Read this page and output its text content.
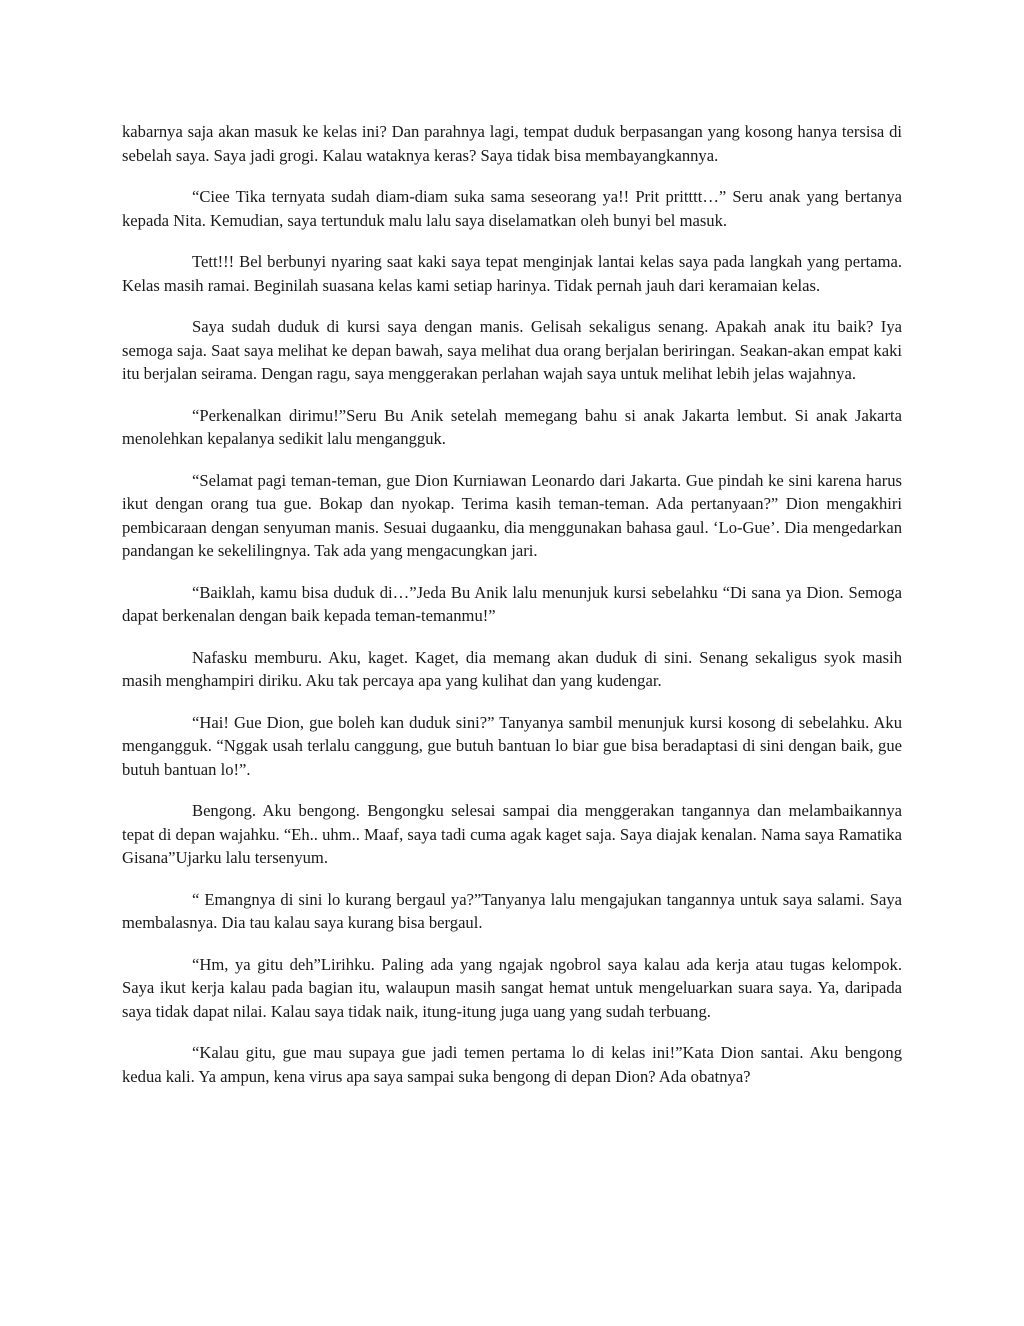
kabarnya saja akan masuk ke kelas ini? Dan parahnya lagi, tempat duduk berpasangan yang kosong hanya tersisa di sebelah saya. Saya jadi grogi. Kalau wataknya keras? Saya tidak bisa membayangkannya.

“Ciee Tika ternyata sudah diam-diam suka sama seseorang ya!! Prit pritttt…” Seru anak yang bertanya kepada Nita. Kemudian, saya tertunduk malu lalu saya diselamatkan oleh bunyi bel masuk.

Tett!!! Bel berbunyi nyaring saat kaki saya tepat menginjak lantai kelas saya pada langkah yang pertama. Kelas masih ramai. Beginilah suasana kelas kami setiap harinya. Tidak pernah jauh dari keramaian kelas.

Saya sudah duduk di kursi saya dengan manis. Gelisah sekaligus senang. Apakah anak itu baik? Iya semoga saja. Saat saya melihat ke depan bawah, saya melihat dua orang berjalan beriringan. Seakan-akan empat kaki itu berjalan seirama. Dengan ragu, saya menggerakan perlahan wajah saya untuk melihat lebih jelas wajahnya.

“Perkenalkan dirimu!”Seru Bu Anik setelah memegang bahu si anak Jakarta lembut. Si anak Jakarta menolehkan kepalanya sedikit lalu mengangguk.

“Selamat pagi teman-teman, gue Dion Kurniawan Leonardo dari Jakarta. Gue pindah ke sini karena harus ikut dengan orang tua gue. Bokap dan nyokap. Terima kasih teman-teman. Ada pertanyaan?” Dion mengakhiri pembicaraan dengan senyuman manis. Sesuai dugaanku, dia menggunakan bahasa gaul. ‘Lo-Gue’. Dia mengedarkan pandangan ke sekelilingnya. Tak ada yang mengacungkan jari.

“Baiklah, kamu bisa duduk di…”Jeda Bu Anik lalu menunjuk kursi sebelahku “Di sana ya Dion. Semoga dapat berkenalan dengan baik kepada teman-temanmu!”

Nafasku memburu. Aku, kaget. Kaget, dia memang akan duduk di sini. Senang sekaligus syok masih masih menghampiri diriku. Aku tak percaya apa yang kulihat dan yang kudengar.

“Hai! Gue Dion, gue boleh kan duduk sini?” Tanyanya sambil menunjuk kursi kosong di sebelahku. Aku mengangguk. “Nggak usah terlalu canggung, gue butuh bantuan lo biar gue bisa beradaptasi di sini dengan baik, gue butuh bantuan lo!”.

Bengong. Aku bengong. Bengongku selesai sampai dia menggerakan tangannya dan melambaikannya tepat di depan wajahku. “Eh.. uhm.. Maaf, saya tadi cuma agak kaget saja. Saya diajak kenalan. Nama saya Ramatika Gisana”Ujarku lalu tersenyum.

“ Emangnya di sini lo kurang bergaul ya?”Tanyanya lalu mengajukan tangannya untuk saya salami. Saya membalasnya. Dia tau kalau saya kurang bisa bergaul.

“Hm, ya gitu deh”Lirihku. Paling ada yang ngajak ngobrol saya kalau ada kerja atau tugas kelompok. Saya ikut kerja kalau pada bagian itu, walaupun masih sangat hemat untuk mengeluarkan suara saya. Ya, daripada saya tidak dapat nilai. Kalau saya tidak naik, itung-itung juga uang yang sudah terbuang.

“Kalau gitu, gue mau supaya gue jadi temen pertama lo di kelas ini!”Kata Dion santai. Aku bengong kedua kali. Ya ampun, kena virus apa saya sampai suka bengong di depan Dion? Ada obatnya?
